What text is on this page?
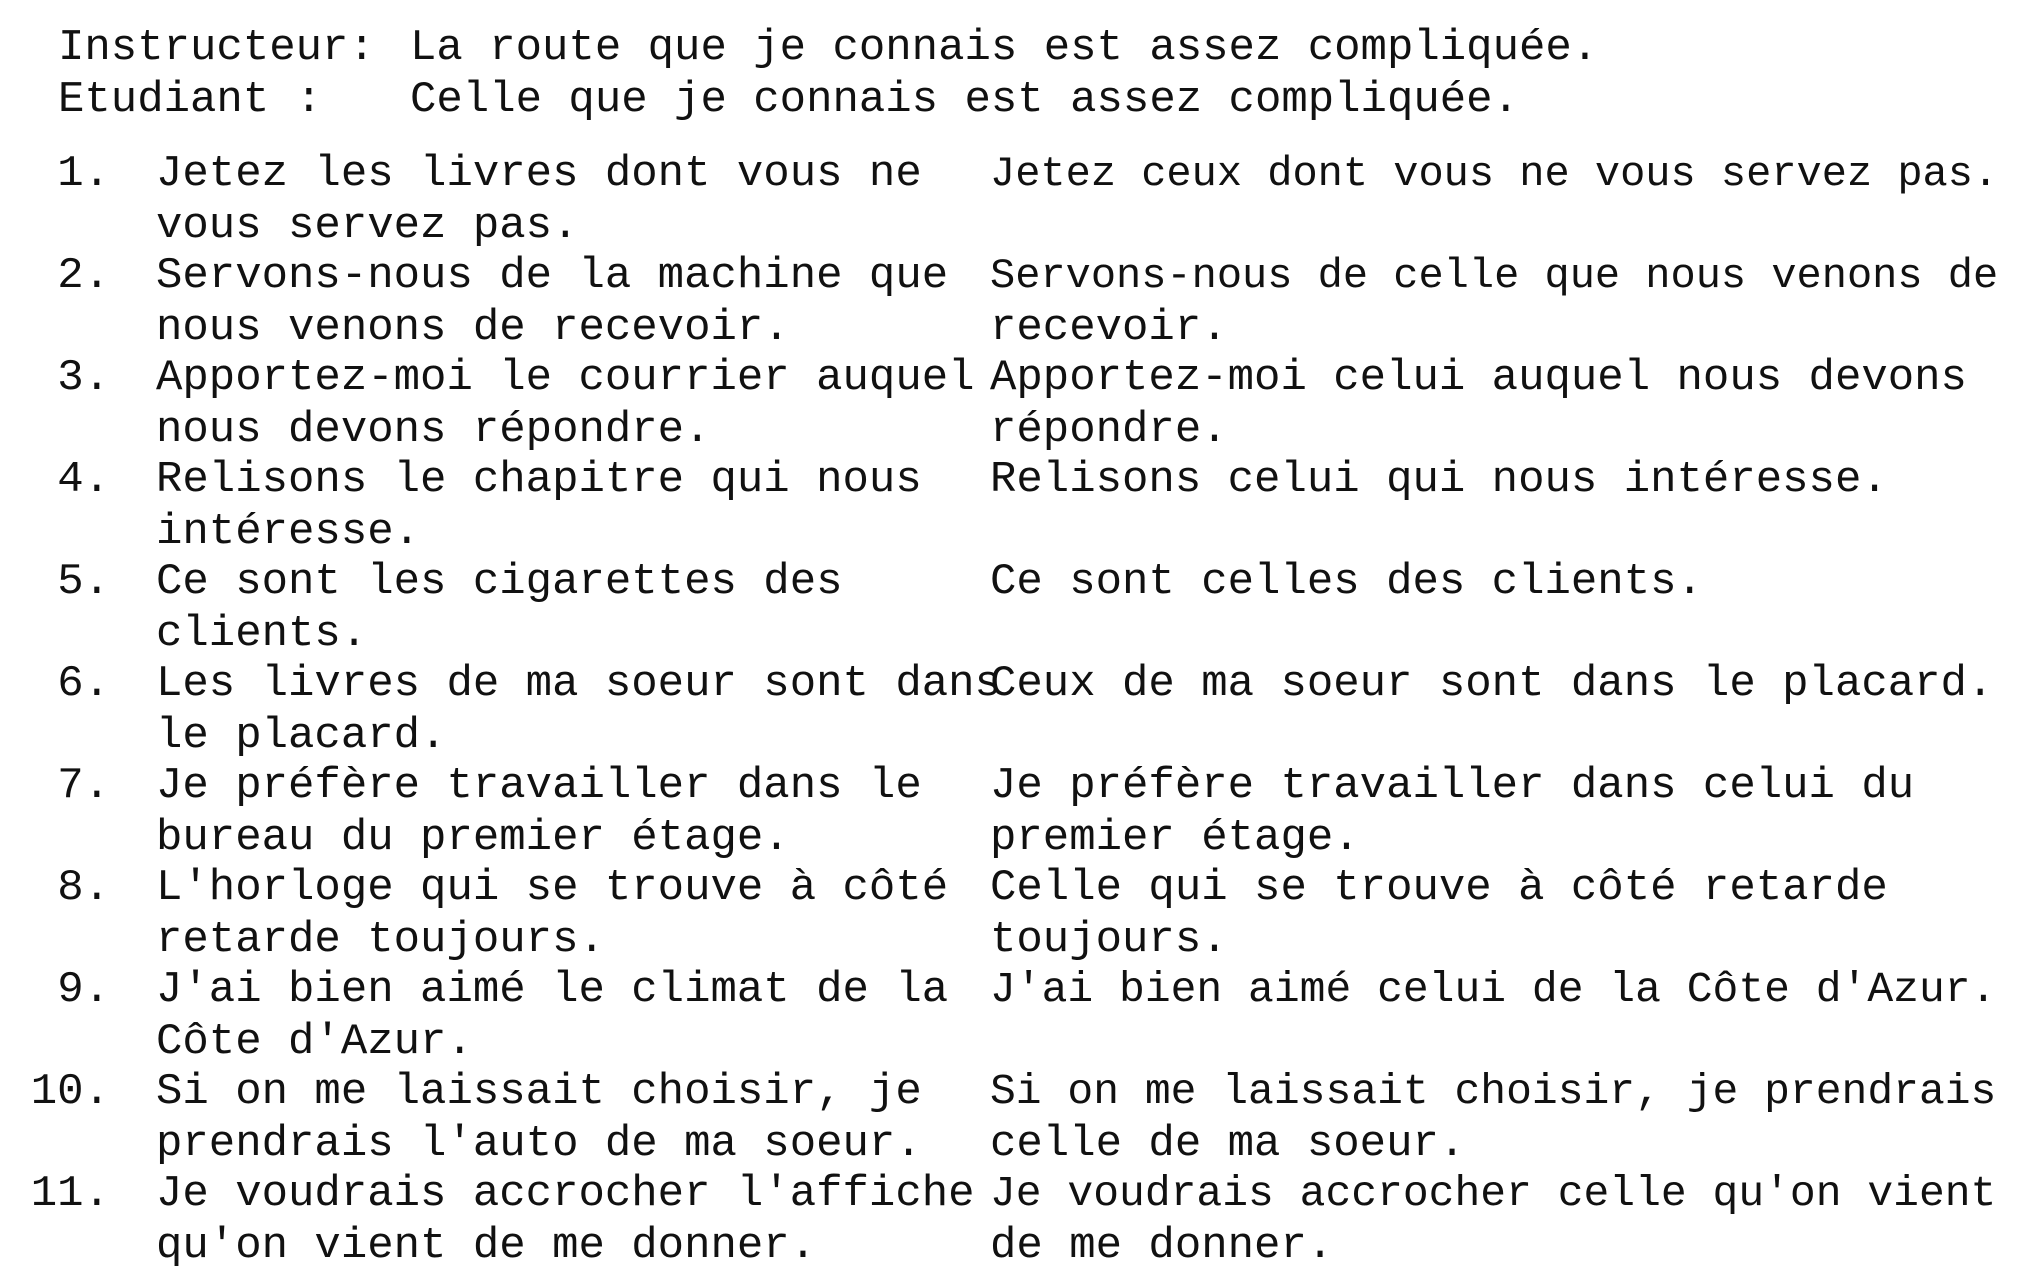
Instructeur: La route que je connais est assez compliquée.
Etudiant : Celle que je connais est assez compliquée.
1. Jetez les livres dont vous ne
vous servez pas.
Jetez ceux dont vous ne vous servez pas.
2. Servons-nous de la machine que
nous venons de recevoir.
Servons-nous de celle que nous venons de
recevoir.
3. Apportez-moi le courrier auquel
nous devons répondre.
Apportez-moi celui auquel nous devons
répondre.
4. Relisons le chapitre qui nous
intéresse.
Relisons celui qui nous intéresse.
5. Ce sont les cigarettes des
clients.
Ce sont celles des clients.
6. Les livres de ma soeur sont dans
le placard.
Ceux de ma soeur sont dans le placard.
7. Je préfère travailler dans le
bureau du premier étage.
Je préfère travailler dans celui du
premier étage.
8. L'horloge qui se trouve à côté
retarde toujours.
Celle qui se trouve à côté retarde
toujours.
9. J'ai bien aimé le climat de la
Côte d'Azur.
J'ai bien aimé celui de la Côte d'Azur.
10. Si on me laissait choisir, je
prendrais l'auto de ma soeur.
Si on me laissait choisir, je prendrais
celle de ma soeur.
11. Je voudrais accrocher l'affiche
qu'on vient de me donner.
Je voudrais accrocher celle qu'on vient
de me donner.
